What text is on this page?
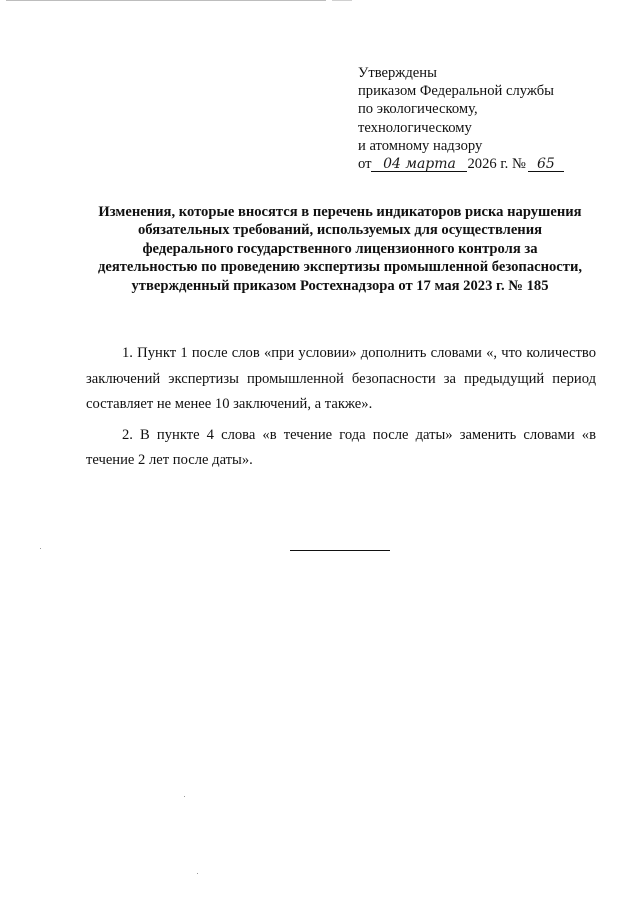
Утверждены
приказом Федеральной службы
по экологическому,
технологическому
и атомному надзору
от 04 марта 2026 г. № 65
Изменения, которые вносятся в перечень индикаторов риска нарушения
обязательных требований, используемых для осуществления
федерального государственного лицензионного контроля за
деятельностью по проведению экспертизы промышленной безопасности,
утвержденный приказом Ростехнадзора от 17 мая 2023 г. № 185

1. Пункт 1 после слов «при условии» дополнить словами «, что количество заключений экспертизы промышленной безопасности за предыдущий период составляет не менее 10 заключений, а также».

2. В пункте 4 слова «в течение года после даты» заменить словами «в течение 2 лет после даты».
